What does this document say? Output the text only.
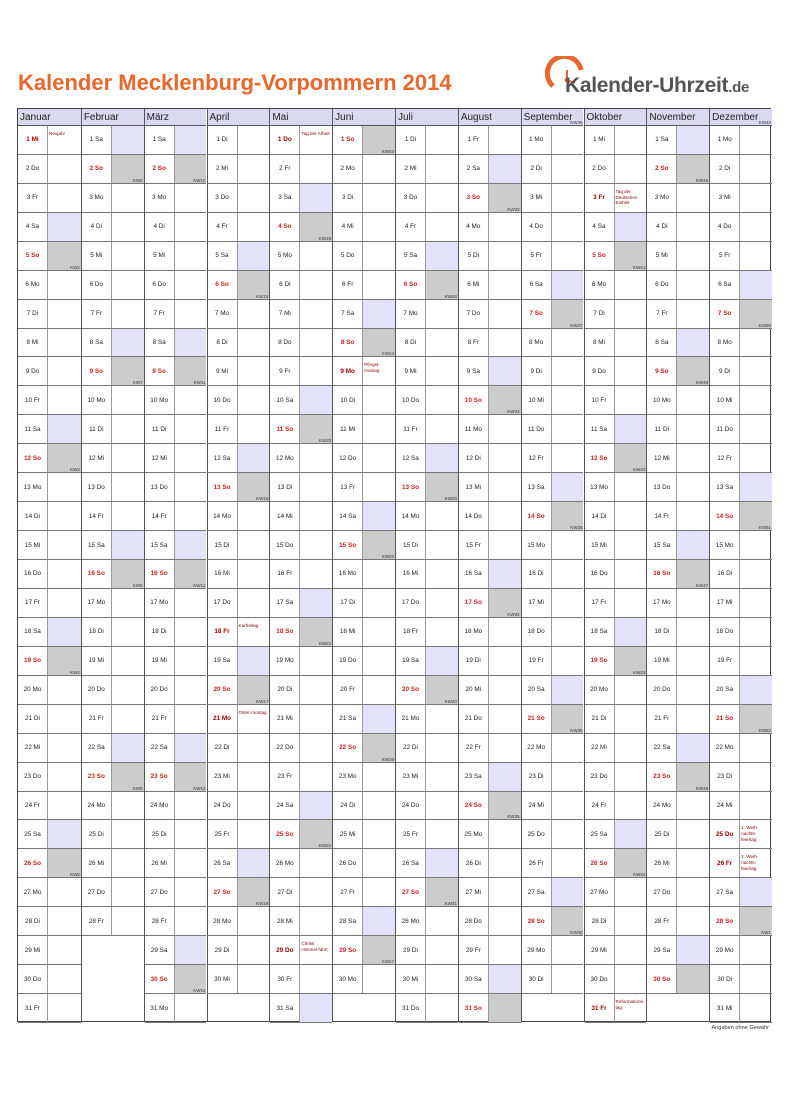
Kalender Mecklenburg-Vorpommern 2014	Kalender-Uhrzeit.de
Januar
1 Mi
Neujahr
2 Do
3 Fr
4 Sa
5 So
6 Mo
KW2
7 Di
8 Mi
9 Do
10 Fr
11 Sa
12 So
13 Mo
KW3
14 Di
15 Mi
16 Do
17 Fr
18 Sa
19 So
20 Mo
KW4
21 Di
22 Mi
23 Do
24 Fr
25 Sa
26 So
27 Mo
KW5
28 Di
29 Mi
30 Do
31 Fr
Februar
1 Sa
2 So
3 Mo
KW6
4 Di
5 Mi
6 Do
7 Fr
8 Sa
9 So
10 Mo
KW7
11 Di
12 Mi
13 Do
14 Fr
15 Sa
16 So
17 Mo
KW8
18 Di
19 Mi
20 Do
21 Fr
22 Sa
23 So
24 Mo
KW9
25 Di
26 Mi
27 Do
28 Fr
März
1 Sa
2 So
3 Mo
KW10
4 Di
5 Mi
6 Do
7 Fr
8 Sa
9 So
10 Mo
KW11
11 Di
12 Mi
13 Do
14 Fr
15 Sa
16 So
17 Mo
KW12
18 Di
19 Mi
20 Do
21 Fr
22 Sa
23 So
24 Mo
KW13
25 Di
26 Mi
27 Do
28 Fr
29 Sa
30 So
31 Mo
KW14
April
1 Di
2 Mi
3 Do
4 Fr
5 Sa
6 So
7 Mo
KW15
8 Di
9 Mi
10 Do
11 Fr
12 Sa
13 So
14 Mo
KW16
15 Di
16 Mi
17 Do
18 Fr
Karfreitag
19 Sa
20 So
21 Mo
Oster-montag
KW17
22 Di
23 Mi
24 Do
25 Fr
26 Sa
27 So
28 Mo
KW18
29 Di
30 Mi
Mai
1 Do
Tag der Arbeit
2 Fr
3 Sa
4 So
5 Mo
KW19
6 Di
7 Mi
8 Do
9 Fr
10 Sa
11 So
12 Mo
KW20
13 Di
14 Mi
15 Do
16 Fr
17 Sa
18 So
19 Mo
KW21
20 Di
21 Mi
22 Do
23 Fr
24 Sa
25 So
26 Mo
KW22
27 Di
28 Mi
29 Do
Christi Himmel-fahrt
30 Fr
31 Sa
Juni
1 So
2 Mo
KW23
3 Di
4 Mi
5 Do
6 Fr
7 Sa
8 So
9 Mo
Pfingst-montag
KW24
10 Di
11 Mi
12 Do
13 Fr
14 Sa
15 So
16 Mo
KW25
17 Di
18 Mi
19 Do
20 Fr
21 Sa
22 So
23 Mo
KW26
24 Di
25 Mi
26 Do
27 Fr
28 Sa
29 So
30 Mo
KW27
Juli
1 Di
2 Mi
3 Do
4 Fr
5 Sa
6 So
7 Mo
KW28
8 Di
9 Mi
10 Do
11 Fr
12 Sa
13 So
14 Mo
KW29
15 Di
16 Mi
17 Do
18 Fr
19 Sa
20 So
21 Mo
KW30
22 Di
23 Mi
24 Do
25 Fr
26 Sa
27 So
28 Mo
KW31
29 Di
30 Mi
31 Do
August
1 Fr
2 Sa
3 So
4 Mo
KW32
5 Di
6 Mi
7 Do
8 Fr
9 Sa
10 So
11 Mo
KW33
12 Di
13 Mi
14 Do
15 Fr
16 Sa
17 So
18 Mo
KW34
19 Di
20 Mi
21 Do
22 Fr
23 Sa
24 So
25 Mo
KW35
26 Di
27 Mi
28 Do
29 Fr
30 Sa
31 So
September
1 Mo
KW36
2 Di
3 Mi
4 Do
5 Fr
6 Sa
7 So
8 Mo
KW37
9 Di
10 Mi
11 Do
12 Fr
13 Sa
14 So
15 Mo
KW38
16 Di
17 Mi
18 Do
19 Fr
20 Sa
21 So
22 Mo
KW39
23 Di
24 Mi
25 Do
26 Fr
27 Sa
28 So
29 Mo
KW40
30 Di
Oktober
1 Mi
2 Do
3 Fr
Tag der Deutschen Einheit
4 Sa
5 So
6 Mo
KW41
7 Di
8 Mi
9 Do
10 Fr
11 Sa
12 So
13 Mo
KW42
14 Di
15 Mi
16 Do
17 Fr
18 Sa
19 So
20 Mo
KW43
21 Di
22 Mi
23 Do
24 Fr
25 Sa
26 So
27 Mo
KW44
28 Di
29 Mi
30 Do
31 Fr
Reformations-tag
November
1 Sa
2 So
3 Mo
KW45
4 Di
5 Mi
6 Do
7 Fr
8 Sa
9 So
10 Mo
KW46
11 Di
12 Mi
13 Do
14 Fr
15 Sa
16 So
17 Mo
KW47
18 Di
19 Mi
20 Do
21 Fr
22 Sa
23 So
24 Mo
KW48
25 Di
26 Mi
27 Do
28 Fr
29 Sa
30 So
Dezember
1 Mo
KW49
2 Di
3 Mi
4 Do
5 Fr
6 Sa
7 So
8 Mo
KW50
9 Di
10 Mi
11 Do
12 Fr
13 Sa
14 So
15 Mo
KW51
16 Di
17 Mi
18 Do
19 Fr
20 Sa
21 So
22 Mo
KW52
23 Di
24 Mi
25 Do
1. Weih-nachts-feiertag
26 Fr
2. Weih-nachts-feiertag
27 Sa
28 So
29 Mo
KW1
30 Di
31 Mi
Angaben ohne Gewähr
